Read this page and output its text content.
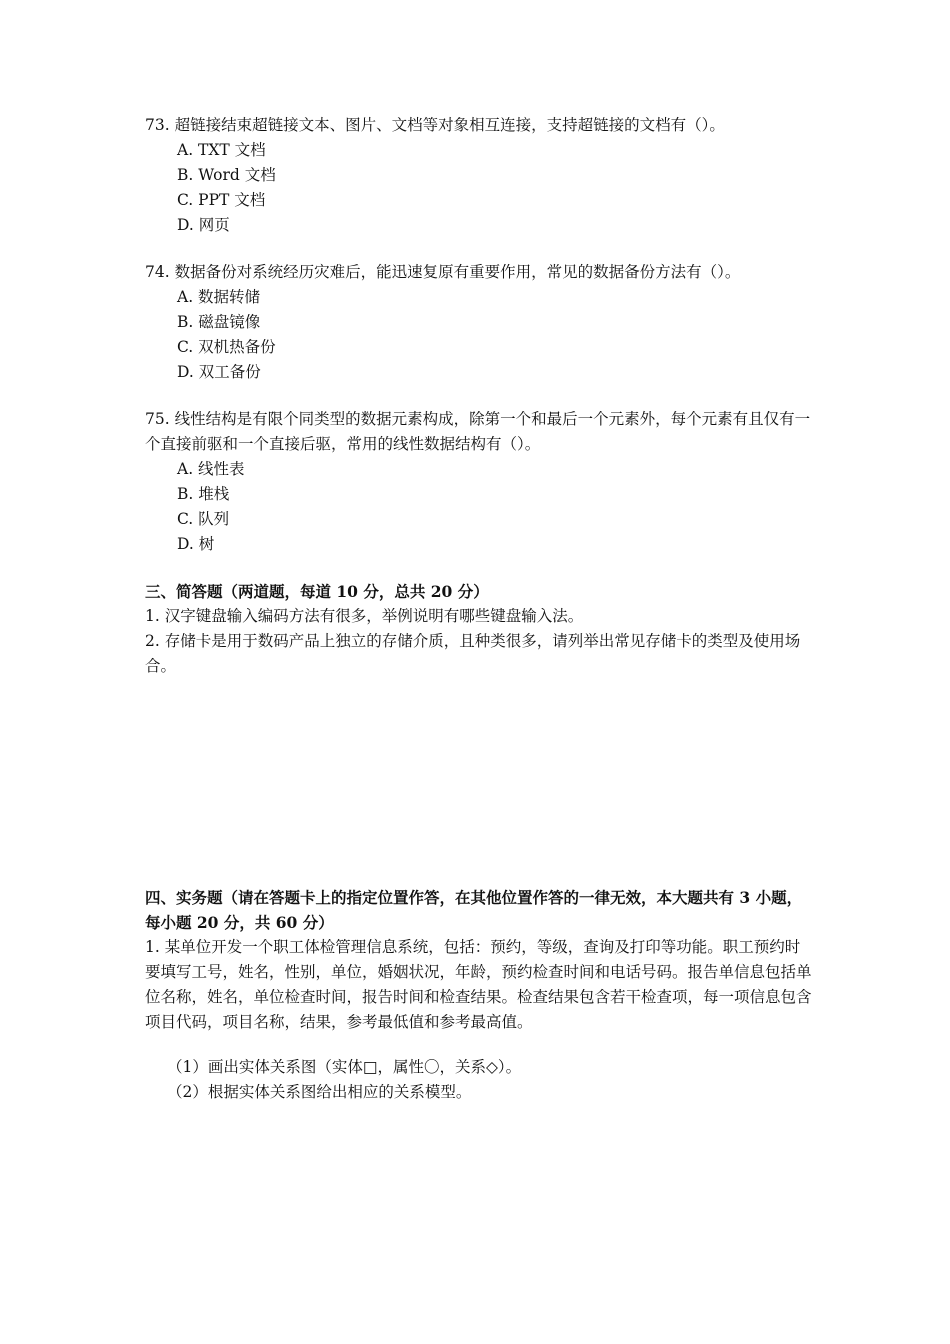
73. 超链接结束超链接文本、图片、文档等对象相互连接，支持超链接的文档有（）。

A. TXT 文档
B. Word 文档
C. PPT 文档
D. 网页

74. 数据备份对系统经历灾难后，能迅速复原有重要作用，常见的数据备份方法有（）。

A. 数据转储
B. 磁盘镜像
C. 双机热备份
D. 双工备份

75. 线性结构是有限个同类型的数据元素构成，除第一个和最后一个元素外，每个元素有且仅有一个直接前驱和一个直接后驱，常用的线性数据结构有（）。

A. 线性表
B. 堆栈
C. 队列
D. 树

三、简答题（两道题，每道 10 分，总共 20 分）

1. 汉字键盘输入编码方法有很多，举例说明有哪些键盘输入法。

2. 存储卡是用于数码产品上独立的存储介质，且种类很多，请列举出常见存储卡的类型及使用场合。

四、实务题（请在答题卡上的指定位置作答，在其他位置作答的一律无效，本大题共有 3 小题，每小题 20 分，共 60 分）

1. 某单位开发一个职工体检管理信息系统，包括：预约，等级，查询及打印等功能。职工预约时要填写工号，姓名，性别，单位，婚姻状况，年龄，预约检查时间和电话号码。报告单信息包括单位名称，姓名，单位检查时间，报告时间和检查结果。检查结果包含若干检查项，每一项信息包含项目代码，项目名称，结果，参考最低值和参考最高值。

（1）画出实体关系图（实体□，属性〇，关系◇）。

（2）根据实体关系图给出相应的关系模型。
